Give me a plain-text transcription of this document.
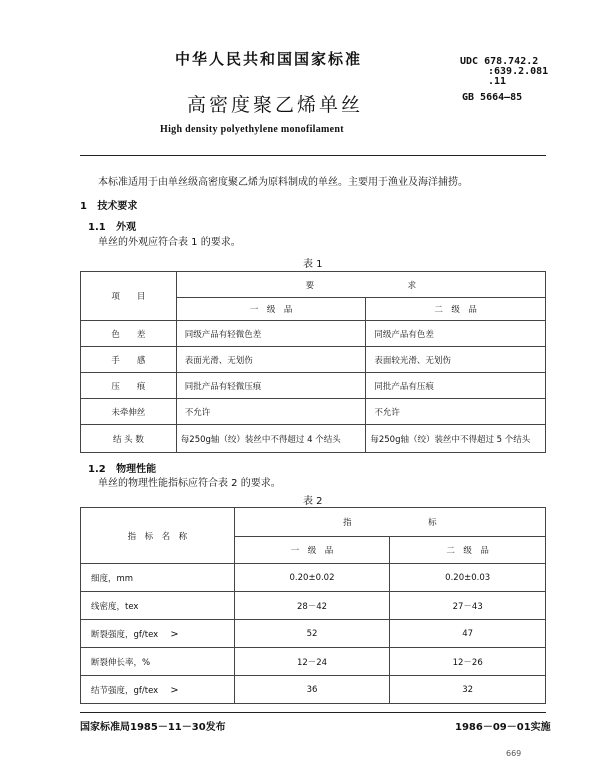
中华人民共和国国家标准	UDC 678.742.2
:639.2.081
.11
GB 5664—85
高密度聚乙烯单丝
High density polyethylene monofilament
本标准适用于由单丝级高密度聚乙烯为原料制成的单丝。主要用于渔业及海洋捕捞。
1 技术要求
1.1 外观
单丝的外观应符合表 1 的要求。
表 1
项　　目	要　　　　　　　　　　　求	
	一　级　品	二　级　品
色　　差	同级产品有轻微色差	同级产品有色差
手　　感	表面光滑、无划伤	表面较光滑、无划伤
压　　痕	同批产品有轻微压痕	同批产品有压痕
未牵伸丝	不允许	不允许
结 头 数	每250g轴（绞）装丝中不得超过 4 个结头	每250g轴（绞）装丝中不得超过 5 个结头
1.2 物理性能
单丝的物理性能指标应符合表 2 的要求。
表 2
指　标　名　称	指　　　　　　　　　标	
	一　级　品	二　级　品
细度，mm	0.20±0.02	0.20±0.03
线密度，tex	28－42	27－43
断裂强度，gf/tex >	52	47
断裂伸长率，%	12－24	12－26
结节强度，gf/tex >	36	32
国家标准局1985－11－30发布	1986－09－01实施
669
